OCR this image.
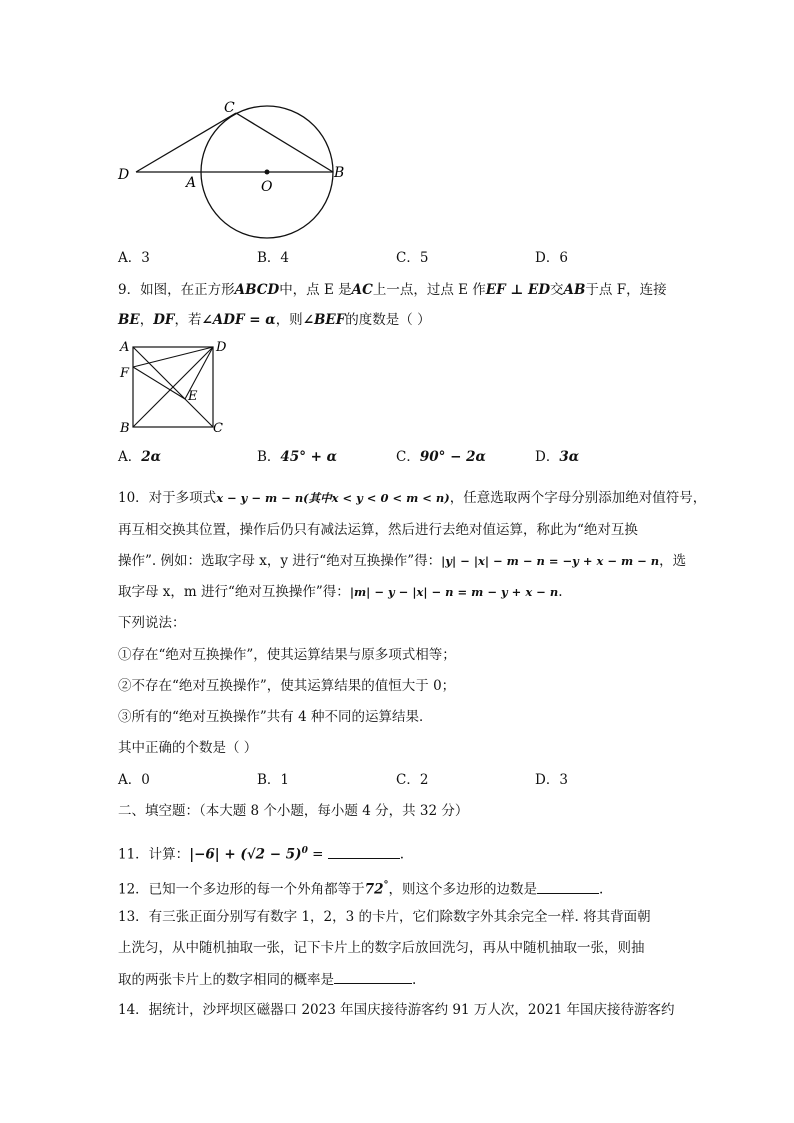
C
D	A	O
B
A．3	B．4	C．5	D．6
9．如图，在正方形ABCD中，点 E 是AC上一点，过点 E 作EF ⊥ ED交AB于点 F，连接
BE，DF，若∠ADF = α，则∠BEF的度数是（ ）
A	D
F
E
B	C
A．2α	B．45° + α	C．90° − 2α	D．3α
10．对于多项式x − y − m − n(其中x < y < 0 < m < n)，任意选取两个字母分别添加绝对值符号，
再互相交换其位置，操作后仍只有减法运算，然后进行去绝对值运算，称此为“绝对互换
操作”. 例如：选取字母 x，y 进行“绝对互换操作”得：|y| − |x| − m − n = −y + x − m − n，选
取字母 x，m 进行“绝对互换操作”得：|m| − y − |x| − n = m − y + x − n.
下列说法：
①存在“绝对互换操作”，使其运算结果与原多项式相等；
②不存在“绝对互换操作”，使其运算结果的值恒大于 0；
③所有的“绝对互换操作”共有 4 种不同的运算结果．
其中正确的个数是（ ）
A．0	B．1	C．2	D．3
二、填空题：（本大题 8 个小题，每小题 4 分，共 32 分）
11．计算：$|-6| + (√2 - 5)^0$ =	.
12．已知一个多边形的每一个外角都等于72°，则这个多边形的边数是	.
13．有三张正面分别写有数字 1，2，3 的卡片，它们除数字外其余完全一样. 将其背面朝
上洗匀，从中随机抽取一张，记下卡片上的数字后放回洗匀，再从中随机抽取一张，则抽
取的两张卡片上的数字相同的概率是	.
14．据统计，沙坪坝区磁器口 2023 年国庆接待游客约 91 万人次，2021 年国庆接待游客约
